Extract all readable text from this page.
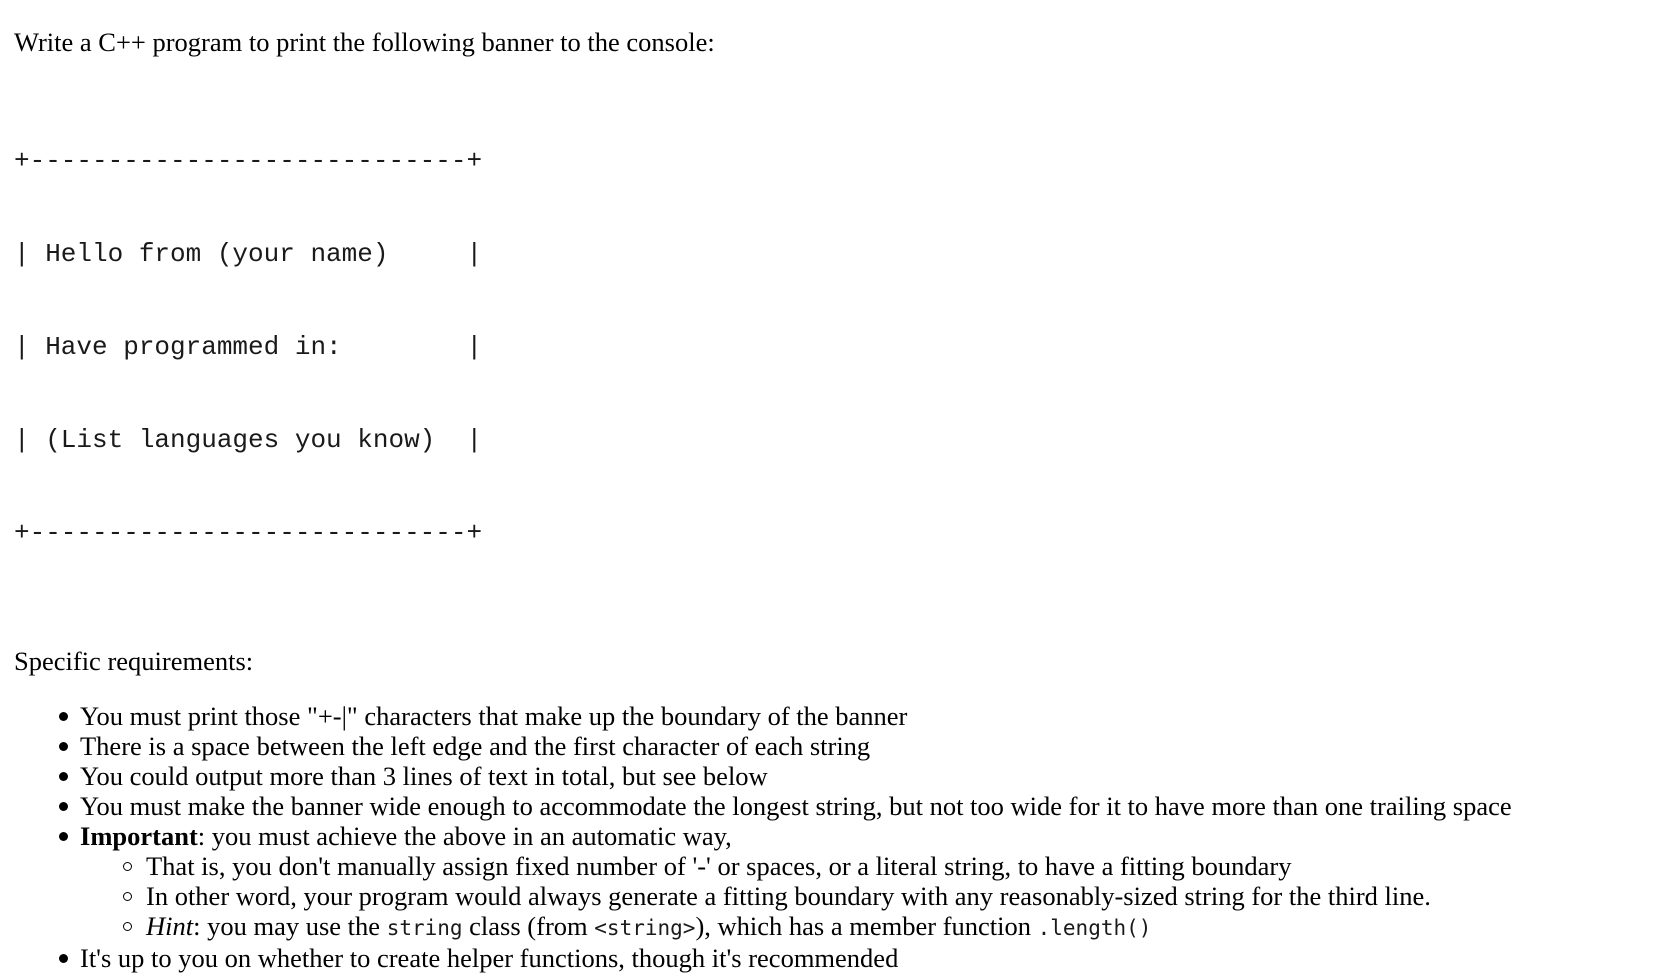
Write a C++ program to print the following banner to the console:

+----------------------------+

| Hello from (your name)     |

| Have programmed in:        |

| (List languages you know)  |

+----------------------------+

Specific requirements:

You must print those "+-|" characters that make up the boundary of the banner
There is a space between the left edge and the first character of each string
You could output more than 3 lines of text in total, but see below
You must make the banner wide enough to accommodate the longest string, but not too wide for it to have more than one trailing space
Important: you must achieve the above in an automatic way,
That is, you don't manually assign fixed number of '-' or spaces, or a literal string, to have a fitting boundary
In other word, your program would always generate a fitting boundary with any reasonably-sized string for the third line.
Hint: you may use the string class (from <string>), which has a member function .length()
It's up to you on whether to create helper functions, though it's recommended
